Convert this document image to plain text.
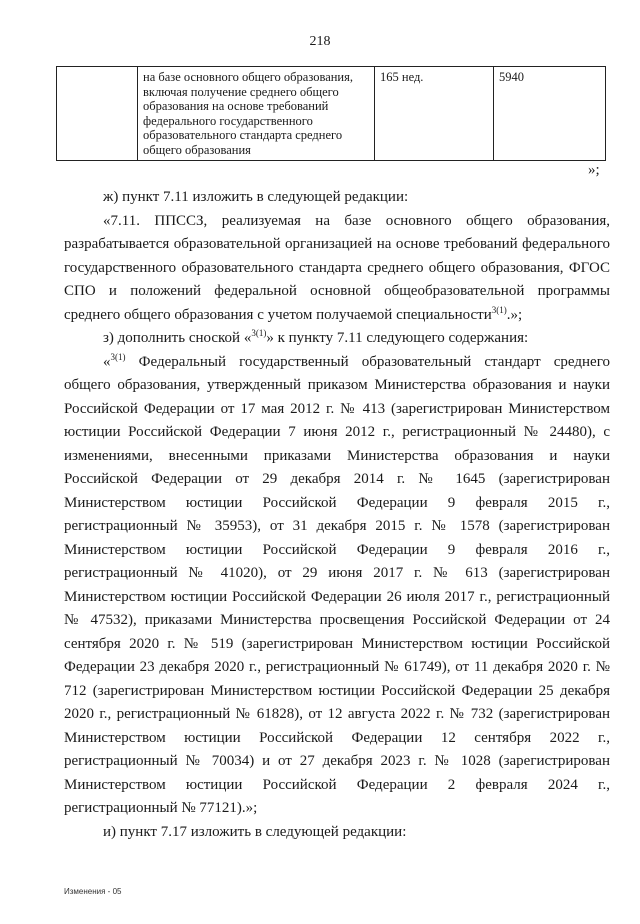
218
	на базе основного общего образования, включая получение среднего общего образования на основе требований федерального государственного образовательного стандарта среднего общего образования	165 нед.	5940
»;

ж) пункт 7.11 изложить в следующей редакции:

«7.11. ППССЗ, реализуемая на базе основного общего образования, разрабатывается образовательной организацией на основе требований федерального государственного образовательного стандарта среднего общего образования, ФГОС СПО и положений федеральной основной общеобразовательной программы среднего общего образования с учетом получаемой специальности$^{3(1)}$.»;

з) дополнить сноской «$^{3(1)}$» к пункту 7.11 следующего содержания:

«$^{3(1)}$ Федеральный государственный образовательный стандарт среднего общего образования, утвержденный приказом Министерства образования и науки Российской Федерации от 17 мая 2012 г. № 413 (зарегистрирован Министерством юстиции Российской Федерации 7 июня 2012 г., регистрационный № 24480), с изменениями, внесенными приказами Министерства образования и науки Российской Федерации от 29 декабря 2014 г. № 1645 (зарегистрирован Министерством юстиции Российской Федерации 9 февраля 2015 г., регистрационный № 35953), от 31 декабря 2015 г. № 1578 (зарегистрирован Министерством юстиции Российской Федерации 9 февраля 2016 г., регистрационный № 41020), от 29 июня 2017 г. № 613 (зарегистрирован Министерством юстиции Российской Федерации 26 июля 2017 г., регистрационный № 47532), приказами Министерства просвещения Российской Федерации от 24 сентября 2020 г. № 519 (зарегистрирован Министерством юстиции Российской Федерации 23 декабря 2020 г., регистрационный № 61749), от 11 декабря 2020 г. № 712 (зарегистрирован Министерством юстиции Российской Федерации 25 декабря 2020 г., регистрационный № 61828), от 12 августа 2022 г. № 732 (зарегистрирован Министерством юстиции Российской Федерации 12 сентября 2022 г., регистрационный № 70034) и от 27 декабря 2023 г. № 1028 (зарегистрирован Министерством юстиции Российской Федерации 2 февраля 2024 г., регистрационный № 77121).»;

и) пункт 7.17 изложить в следующей редакции:

Изменения - 05
